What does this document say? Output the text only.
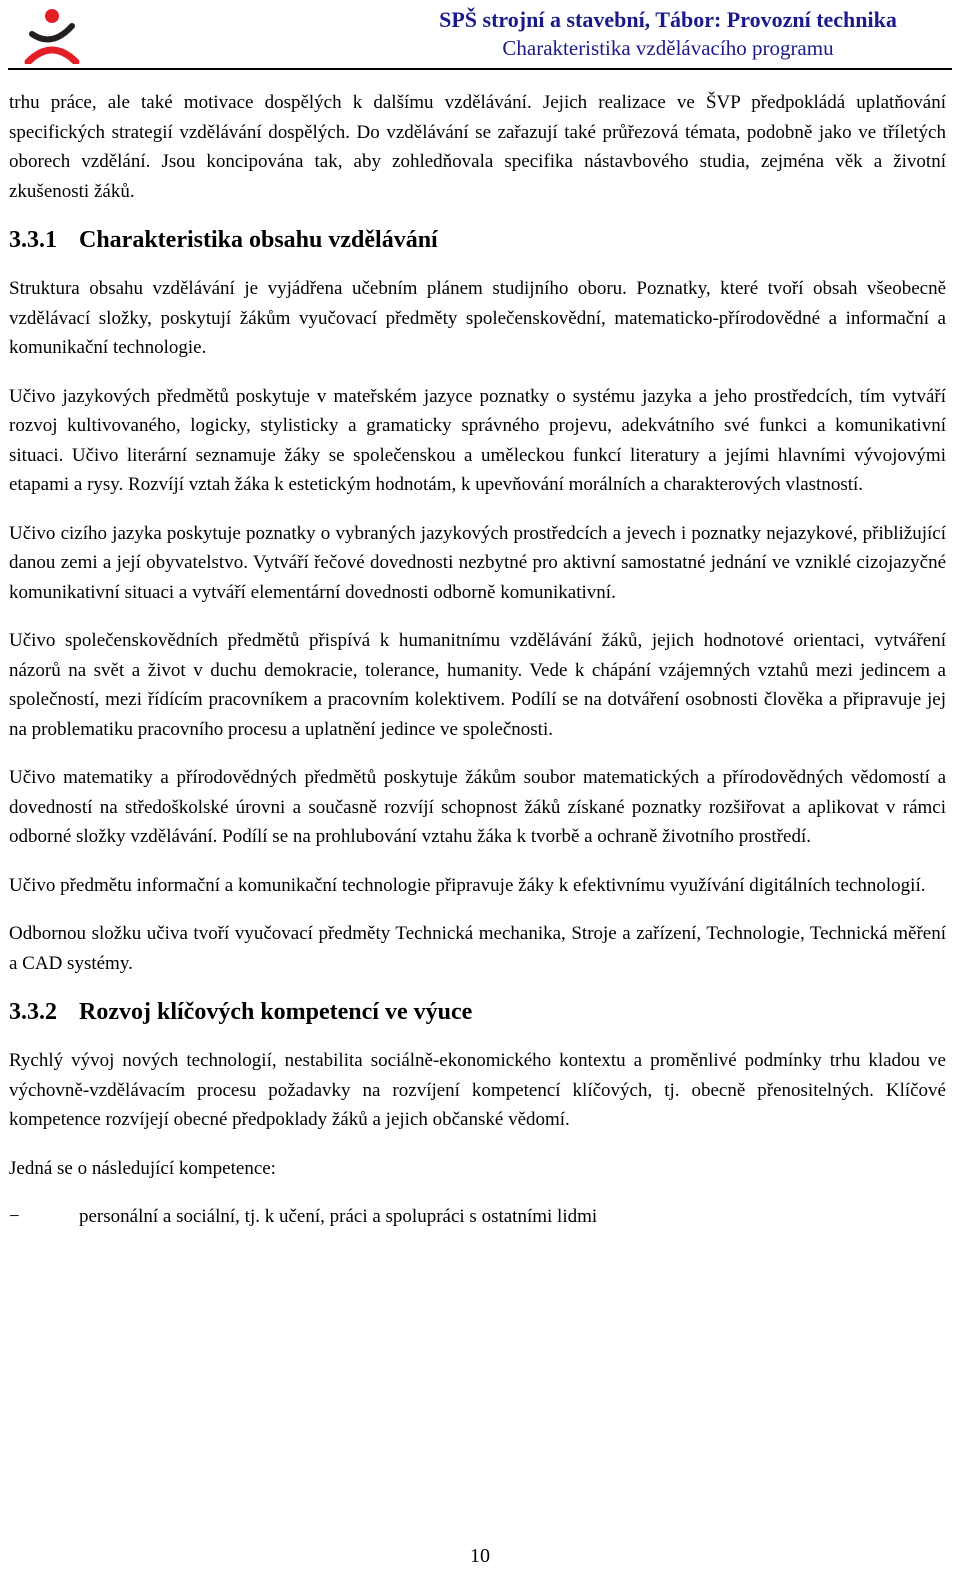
SPŠ strojní a stavební, Tábor: Provozní technika
Charakteristika vzdělávacího programu

trhu práce, ale také motivace dospělých k dalšímu vzdělávání. Jejich realizace ve ŠVP předpokládá uplatňování specifických strategií vzdělávání dospělých. Do vzdělávání se zařazují také průřezová témata, podobně jako ve tříletých oborech vzdělání. Jsou koncipována tak, aby zohledňovala specifika nástavbového studia, zejména věk a životní zkušenosti žáků.

3.3.1 Charakteristika obsahu vzdělávání

Struktura obsahu vzdělávání je vyjádřena učebním plánem studijního oboru. Poznatky, které tvoří obsah všeobecně vzdělávací složky, poskytují žákům vyučovací předměty společenskovědní, matematicko-přírodovědné a informační a komunikační technologie.

Učivo jazykových předmětů poskytuje v mateřském jazyce poznatky o systému jazyka a jeho prostředcích, tím vytváří rozvoj kultivovaného, logicky, stylisticky a gramaticky správného projevu, adekvátního své funkci a komunikativní situaci. Učivo literární seznamuje žáky se společenskou a uměleckou funkcí literatury a jejími hlavními vývojovými etapami a rysy. Rozvíjí vztah žáka k estetickým hodnotám, k upevňování morálních a charakterových vlastností.

Učivo cizího jazyka poskytuje poznatky o vybraných jazykových prostředcích a jevech i poznatky nejazykové, přibližující danou zemi a její obyvatelstvo. Vytváří řečové dovednosti nezbytné pro aktivní samostatné jednání ve vzniklé cizojazyčné komunikativní situaci a vytváří elementární dovednosti odborně komunikativní.

Učivo společenskovědních předmětů přispívá k humanitnímu vzdělávání žáků, jejich hodnotové orientaci, vytváření názorů na svět a život v duchu demokracie, tolerance, humanity. Vede k chápání vzájemných vztahů mezi jedincem a společností, mezi řídícím pracovníkem a pracovním kolektivem. Podílí se na dotváření osobnosti člověka a připravuje jej na problematiku pracovního procesu a uplatnění jedince ve společnosti.

Učivo matematiky a přírodovědných předmětů poskytuje žákům soubor matematických a přírodovědných vědomostí a dovedností na středoškolské úrovni a současně rozvíjí schopnost žáků získané poznatky rozšiřovat a aplikovat v rámci odborné složky vzdělávání. Podílí se na prohlubování vztahu žáka k tvorbě a ochraně životního prostředí.

Učivo předmětu informační a komunikační technologie připravuje žáky k efektivnímu využívání digitálních technologií.

Odbornou složku učiva tvoří vyučovací předměty Technická mechanika, Stroje a zařízení, Technologie, Technická měření a CAD systémy.

3.3.2 Rozvoj klíčových kompetencí ve výuce

Rychlý vývoj nových technologií, nestabilita sociálně-ekonomického kontextu a proměnlivé podmínky trhu kladou ve výchovně-vzdělávacím procesu požadavky na rozvíjení kompetencí klíčových, tj. obecně přenositelných. Klíčové kompetence rozvíjejí obecné předpoklady žáků a jejich občanské vědomí.

Jedná se o následující kompetence:

−	personální a sociální, tj. k učení, práci a spolupráci s ostatními lidmi
10
